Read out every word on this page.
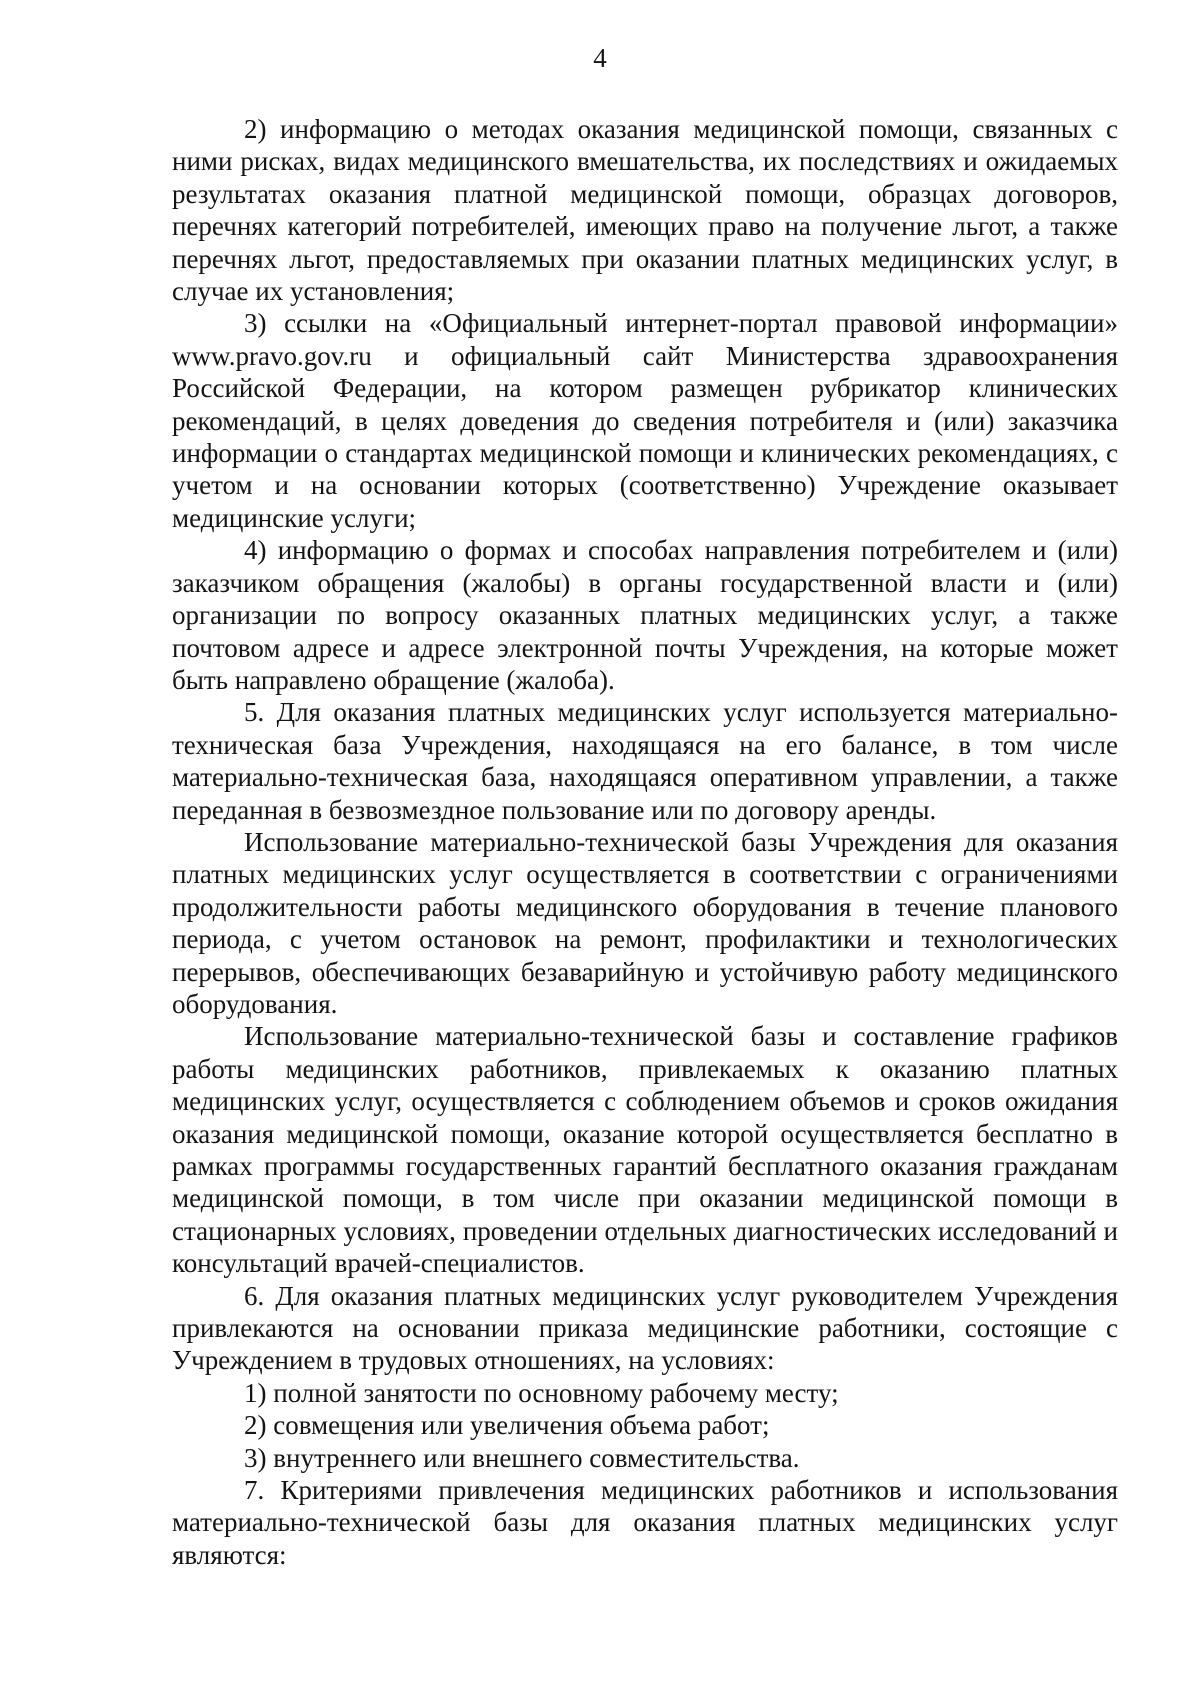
4

2) информацию о методах оказания медицинской помощи, связанных с ними рисках, видах медицинского вмешательства, их последствиях и ожидаемых результатах оказания платной медицинской помощи, образцах договоров, перечнях категорий потребителей, имеющих право на получение льгот, а также перечнях льгот, предоставляемых при оказании платных медицинских услуг, в случае их установления;

3) ссылки на «Официальный интернет-портал правовой информации» www.pravo.gov.ru и официальный сайт Министерства здравоохранения Российской Федерации, на котором размещен рубрикатор клинических рекомендаций, в целях доведения до сведения потребителя и (или) заказчика информации о стандартах медицинской помощи и клинических рекомендациях, с учетом и на основании которых (соответственно) Учреждение оказывает медицинские услуги;

4) информацию о формах и способах направления потребителем и (или) заказчиком обращения (жалобы) в органы государственной власти и (или) организации по вопросу оказанных платных медицинских услуг, а также почтовом адресе и адресе электронной почты Учреждения, на которые может быть направлено обращение (жалоба).

5. Для оказания платных медицинских услуг используется материально-техническая база Учреждения, находящаяся на его балансе, в том числе материально-техническая база, находящаяся оперативном управлении, а также переданная в безвозмездное пользование или по договору аренды.

Использование материально-технической базы Учреждения для оказания платных медицинских услуг осуществляется в соответствии с ограничениями продолжительности работы медицинского оборудования в течение планового периода, с учетом остановок на ремонт, профилактики и технологических перерывов, обеспечивающих безаварийную и устойчивую работу медицинского оборудования.

Использование материально-технической базы и составление графиков работы медицинских работников, привлекаемых к оказанию платных медицинских услуг, осуществляется с соблюдением объемов и сроков ожидания оказания медицинской помощи, оказание которой осуществляется бесплатно в рамках программы государственных гарантий бесплатного оказания гражданам медицинской помощи, в том числе при оказании медицинской помощи в стационарных условиях, проведении отдельных диагностических исследований и консультаций врачей-специалистов.

6. Для оказания платных медицинских услуг руководителем Учреждения привлекаются на основании приказа медицинские работники, состоящие с Учреждением в трудовых отношениях, на условиях:

1) полной занятости по основному рабочему месту;

2) совмещения или увеличения объема работ;

3) внутреннего или внешнего совместительства.

7. Критериями привлечения медицинских работников и использования материально-технической базы для оказания платных медицинских услуг являются:
